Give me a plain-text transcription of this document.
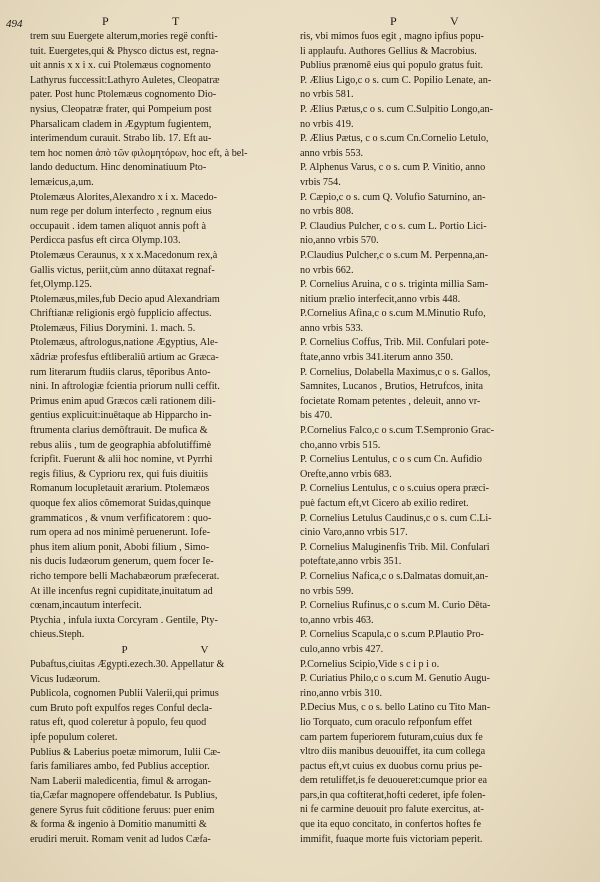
494	P	T	P	V
trem suu Euergete alterum,mories regë confti-
tuit. Euergetes,qui & Physco dictus est, regna-
uit annis x x i x. cui Ptolemæus cognomento
Lathyrus fuccessit:Lathyro Auletes, Cleopatræ
pater. Post hunc Ptolemæus cognomento Dio-
nysius, Cleopatræ frater, qui Pompeium post
Pharsalicam cladem in Ægyptum fugientem,
interimendum curauit. Strabo lib. 17. Eft au-
tem hoc nomen ἀπὸ τῶν φιλομητόρων, hoc eft, à bel-
lando deductum. Hinc denominatiuum Pto-
lemæicus,a,um.
Ptolemæus Alorites,Alexandro x i x. Macedo-
num rege per dolum interfecto , regnum eius
occupauit . idem tamen aliquot annis poft à
Perdicca pasfus eft circa Olymp.103.
Ptolemæus Ceraunus, x x x.Macedonum rex,à
Gallis victus, periit,cùm anno dütaxat regnaf-
fet,Olymp.125.
Ptolemæus,miles,fub Decio apud Alexandriam
Chriftianæ religionis ergò fupplicio affectus.
Ptolemæus, Filius Dorymini. 1. mach. 5.
Ptolemæus, aftrologus,natione Ægyptius, Ale-
xãdriæ profesfus eftliberaliū artium ac Græca-
rum literarum ftudiis clarus, tẽporibus Anto-
nini. In aftrologiæ fcientia priorum nulli ceffit.
Primus enim apud Græcos cæli rationem dili-
gentius explicuit:inuētaque ab Hipparcho in-
ftrumenta clarius demõftrauit. De mufica &
rebus aliis , tum de geographia abfolutiffimè
fcripfit. Fuerunt & alii hoc nomine, vt Pyrrhi
regis filius, & Cyprioru rex, qui fuis diuitiis
Romanum locupletauit ærarium. Ptolemæos
quoque fex alios cõmemorat Suidas,quinque
grammaticos , & vnum verfificatorem : quo-
rum opera ad nos minimè peruenerunt. Iofe-
phus item alium ponit, Abobi filium , Simo-
nis ducis Iudæorum generum, quem focer Ie-
richo tempore belli Machabæorum præfecerat.
At ille incenfus regni cupiditate,inuitatum ad
cœnam,incautum interfecit.
Ptychia , infula iuxta Corcyram . Gentile, Pty-
chieus.Steph.
P	V
Pubaftus,ciuitas Ægypti.ezech.30. Appellatur &
Vicus Iudæorum.
Publicola, cognomen Publii Valerii,qui primus
cum Bruto poft expulfos reges Conful decla-
ratus eft, quod coleretur à populo, feu quod
ipfe populum coleret.
Publius & Laberius poetæ mimorum, Iulii Cæ-
faris familiares ambo, fed Publius acceptior.
Nam Laberii maledicentia, fimul & arrogan-
tia,Cæfar magnopere offendebatur. Is Publius,
genere Syrus fuit cōditione feruus: puer enim
& forma & ingenio à Domitio manumitti &
erudiri meruit. Romam venit ad ludos Cæfa-
ris, vbi mimos fuos egit , magno ipfius popu-
li applaufu. Authores Gellius & Macrobius.
Publius prænomē eius qui populo gratus fuit.
P. Ælius Ligo,c o s. cum C. Popilio Lenate, an-
no vrbis 581.
P. Ælius Pætus,c o s. cum C.Sulpitio Longo,an-
no vrbis 419.
P. Ælius Pætus, c o s.cum Cn.Cornelio Letulo,
anno vrbis 553.
P. Alphenus Varus, c o s. cum P. Vinitio, anno
vrbis 754.
P. Cæpio,c o s. cum Q. Volufio Saturnino, an-
no vrbis 808.
P. Claudius Pulcher, c o s. cum L. Portio Lici-
nio,anno vrbis 570.
P.Claudius Pulcher,c o s.cum M. Perpenna,an-
no vrbis 662.
P. Cornelius Aruina, c o s. triginta millia Sam-
nitium prælio interfecit,anno vrbis 448.
P.Cornelius Afina,c o s.cum M.Minutio Rufo,
anno vrbis 533.
P. Cornelius Coffus, Trib. Mil. Confulari pote-
ftate,anno vrbis 341.iterum anno 350.
P. Cornelius, Dolabella Maximus,c o s. Gallos,
Samnites, Lucanos , Brutios, Hetrufcos, inita
focietate Romam petentes , deleuit, anno vr-
bis 470.
P.Cornelius Falco,c o s.cum T.Sempronio Grac-
cho,anno vrbis 515.
P. Cornelius Lentulus, c o s cum Cn. Aufidio
Orefte,anno vrbis 683.
P. Cornelius Lentulus, c o s.cuius opera præci-
puè factum eft,vt Cicero ab exilio rediret.
P. Cornelius Letulus Caudinus,c o s. cum C.Li-
cinio Varo,anno vrbis 517.
P. Cornelius Maluginenfis Trib. Mil. Confulari
poteftate,anno vrbis 351.
P. Cornelius Nafica,c o s.Dalmatas domuit,an-
no vrbis 599.
P. Cornelius Rufinus,c o s.cum M. Curio Dēta-
to,anno vrbis 463.
P. Cornelius Scapula,c o s.cum P.Plautio Pro-
culo,anno vrbis 427.
P.Cornelius Scipio,Vide s c i p i o.
P. Curiatius Philo,c o s.cum M. Genutio Augu-
rino,anno vrbis 310.
P.Decius Mus, c o s. bello Latino cu Tito Man-
lio Torquato, cum oraculo refponfum effet
cam partem fuperiorem futuram,cuius dux fe
vltro diis manibus deuouiffet, ita cum collega
pactus eft,vt cuius ex duobus cornu prius pe-
dem retuliffet,is fe deuoueret:cumque prior ea
pars,in qua coftiterat,hofti cederet, ipfe folen-
ni fe carmine deuouit pro falute exercitus, at-
que ita equo concitato, in confertos hoftes fe
immifit, fuaque morte fuis victoriam peperit.
